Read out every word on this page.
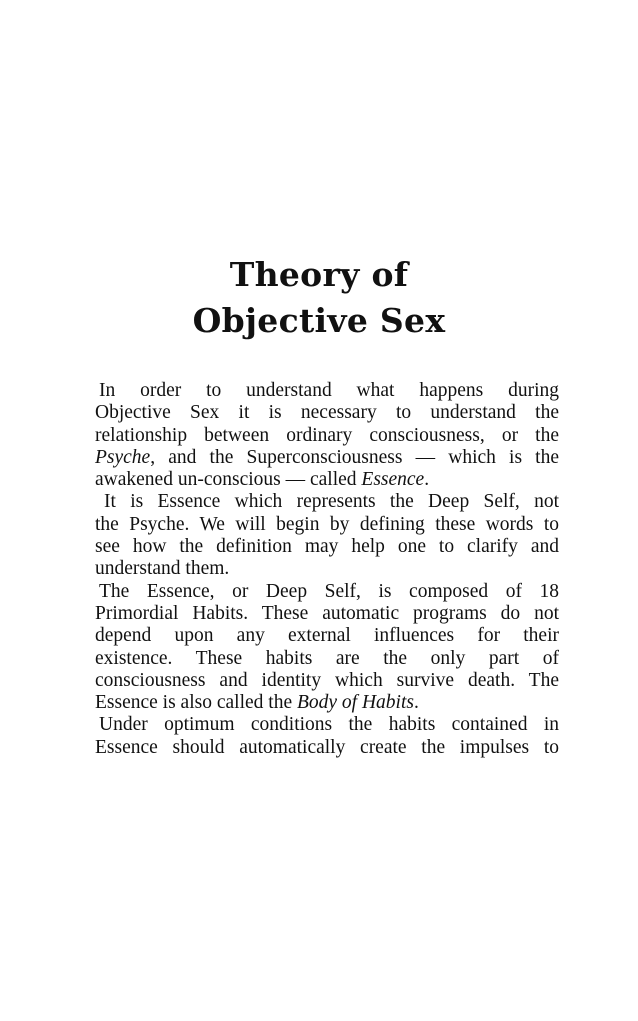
Theory of
Objective Sex
In order to understand what happens during
Objective Sex it is necessary to understand the
relationship between ordinary consciousness, or the
Psyche, and the Superconsciousness — which is the
awakened un-conscious — called Essence.
It is Essence which represents the Deep Self, not
the Psyche. We will begin by defining these words to
see how the definition may help one to clarify and
understand them.
The Essence, or Deep Self, is composed of 18
Primordial Habits. These automatic programs do not
depend upon any external influences for their
existence. These habits are the only part of
consciousness and identity which survive death. The
Essence is also called the Body of Habits.
Under optimum conditions the habits contained in
Essence should automatically create the impulses to
